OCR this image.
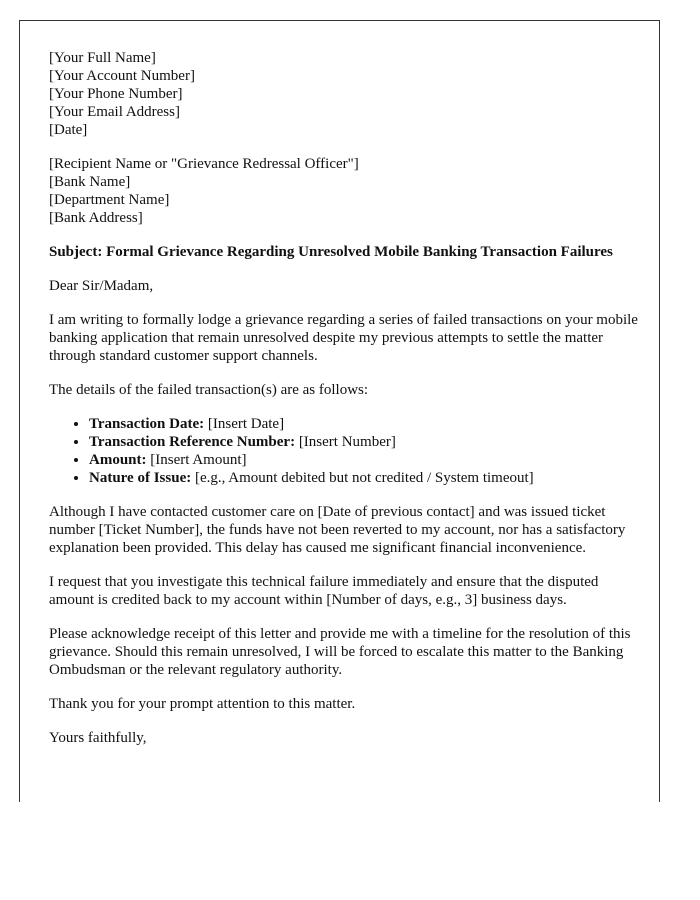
[Your Full Name]
[Your Account Number]
[Your Phone Number]
[Your Email Address]
[Date]
[Recipient Name or "Grievance Redressal Officer"]
[Bank Name]
[Department Name]
[Bank Address]
Subject: Formal Grievance Regarding Unresolved Mobile Banking Transaction Failures

Dear Sir/Madam,

I am writing to formally lodge a grievance regarding a series of failed transactions on your mobile banking application that remain unresolved despite my previous attempts to settle the matter through standard customer support channels.

The details of the failed transaction(s) are as follows:

• Transaction Date: [Insert Date]
• Transaction Reference Number: [Insert Number]
• Amount: [Insert Amount]
• Nature of Issue: [e.g., Amount debited but not credited / System timeout]

Although I have contacted customer care on [Date of previous contact] and was issued ticket number [Ticket Number], the funds have not been reverted to my account, nor has a satisfactory explanation been provided. This delay has caused me significant financial inconvenience.

I request that you investigate this technical failure immediately and ensure that the disputed amount is credited back to my account within [Number of days, e.g., 3] business days.

Please acknowledge receipt of this letter and provide me with a timeline for the resolution of this grievance. Should this remain unresolved, I will be forced to escalate this matter to the Banking Ombudsman or the relevant regulatory authority.

Thank you for your prompt attention to this matter.

Yours faithfully,
